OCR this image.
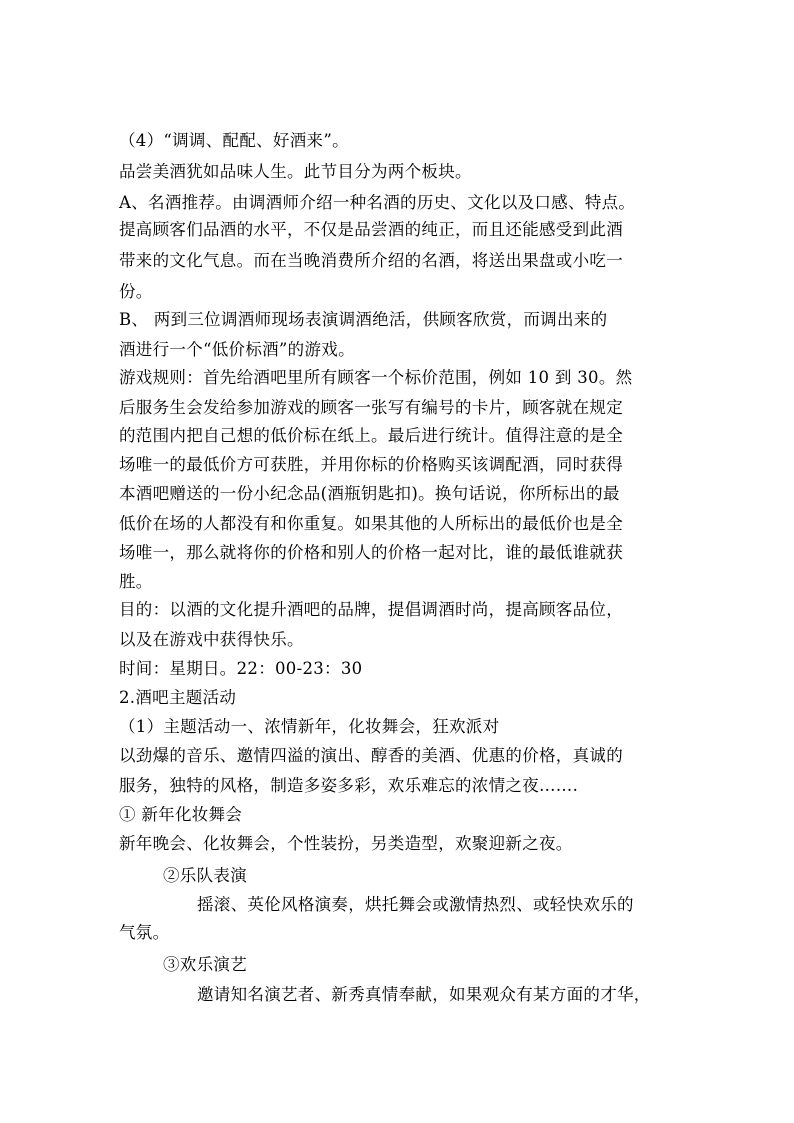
（4）“调调、配配、好酒来”。
品尝美酒犹如品味人生。此节目分为两个板块。
A、名酒推荐。由调酒师介绍一种名酒的历史、文化以及口感、特点。
提高顾客们品酒的水平，不仅是品尝酒的纯正，而且还能感受到此酒
带来的文化气息。而在当晚消费所介绍的名酒，将送出果盘或小吃一
份。
B、 两到三位调酒师现场表演调酒绝活，供顾客欣赏，而调出来的
酒进行一个“低价标酒”的游戏。
游戏规则：首先给酒吧里所有顾客一个标价范围，例如 10 到 30。然
后服务生会发给参加游戏的顾客一张写有编号的卡片，顾客就在规定
的范围内把自己想的低价标在纸上。最后进行统计。值得注意的是全
场唯一的最低价方可获胜，并用你标的价格购买该调配酒，同时获得
本酒吧赠送的一份小纪念品(酒瓶钥匙扣)。换句话说，你所标出的最
低价在场的人都没有和你重复。如果其他的人所标出的最低价也是全
场唯一，那么就将你的价格和别人的价格一起对比，谁的最低谁就获
胜。
目的：以酒的文化提升酒吧的品牌，提倡调酒时尚，提高顾客品位，
以及在游戏中获得快乐。
时间：星期日。22：00-23：30
2.酒吧主题活动
（1）主题活动一、浓情新年，化妆舞会，狂欢派对
以劲爆的音乐、邀情四溢的演出、醇香的美酒、优惠的价格，真诚的
服务，独特的风格，制造多姿多彩，欢乐难忘的浓情之夜…….
① 新年化妆舞会
新年晚会、化妆舞会，个性装扮，另类造型，欢聚迎新之夜。
②乐队表演
摇滚、英伦风格演奏，烘托舞会或激情热烈、或轻快欢乐的
气氛。
③欢乐演艺
邀请知名演艺者、新秀真情奉献，如果观众有某方面的才华，
